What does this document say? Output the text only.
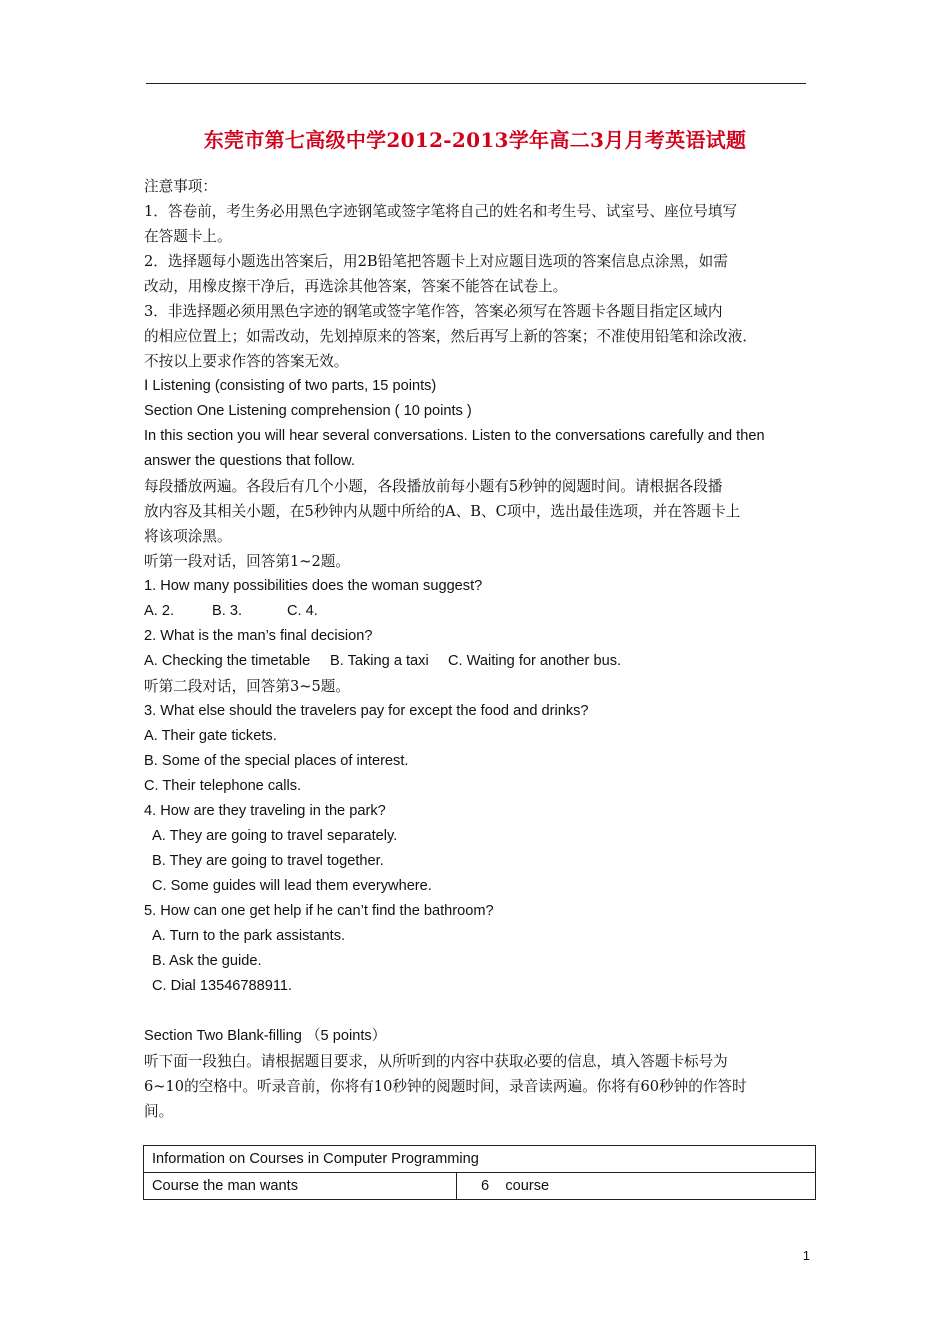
东莞市第七高级中学2012-2013学年高二3月月考英语试题
注意事项：
1．答卷前，考生务必用黑色字迹钢笔或签字笔将自己的姓名和考生号、试室号、座位号填写
在答题卡上。
2．选择题每小题选出答案后，用2B铅笔把答题卡上对应题目选项的答案信息点涂黑，如需
改动，用橡皮擦干净后，再选涂其他答案，答案不能答在试卷上。
3．非选择题必须用黑色字迹的钢笔或签字笔作答，答案必须写在答题卡各题目指定区域内
的相应位置上；如需改动，先划掉原来的答案，然后再写上新的答案；不准使用铅笔和涂改液．
不按以上要求作答的答案无效。
Ⅰ Listening (consisting of two parts, 15 points)
Section One Listening comprehension ( 10 points )
In this section you will hear several conversations. Listen to the conversations carefully and then
answer the questions that follow.
每段播放两遍。各段后有几个小题，各段播放前每小题有5秒钟的阅题时间。请根据各段播
放内容及其相关小题，在5秒钟内从题中所给的A、B、C项中，选出最佳选项，并在答题卡上
将该项涂黑。
听第一段对话，回答第1~2题。
1. How many possibilities does the woman suggest?
A. 2.	B. 3.	C. 4.
2. What is the man’s final decision?
A. Checking the timetable B. Taking a taxi C. Waiting for another bus.
听第二段对话，回答第3~5题。
3. What else should the travelers pay for except the food and drinks?
A. Their gate tickets.
B. Some of the special places of interest.
C. Their telephone calls.
4. How are they traveling in the park?
A. They are going to travel separately.
B. They are going to travel together.
C. Some guides will lead them everywhere.
5. How can one get help if he can’t find the bathroom?
A. Turn to the park assistants.
B. Ask the guide.
C. Dial 13546788911.
Section Two Blank-filling （5 points）
听下面一段独白。请根据题目要求，从所听到的内容中获取必要的信息，填入答题卡标号为
6~10的空格中。听录音前，你将有10秒钟的阅题时间，录音读两遍。你将有60秒钟的作答时
间。
Information on Courses in Computer Programming
Course the man wants	6    course
1
